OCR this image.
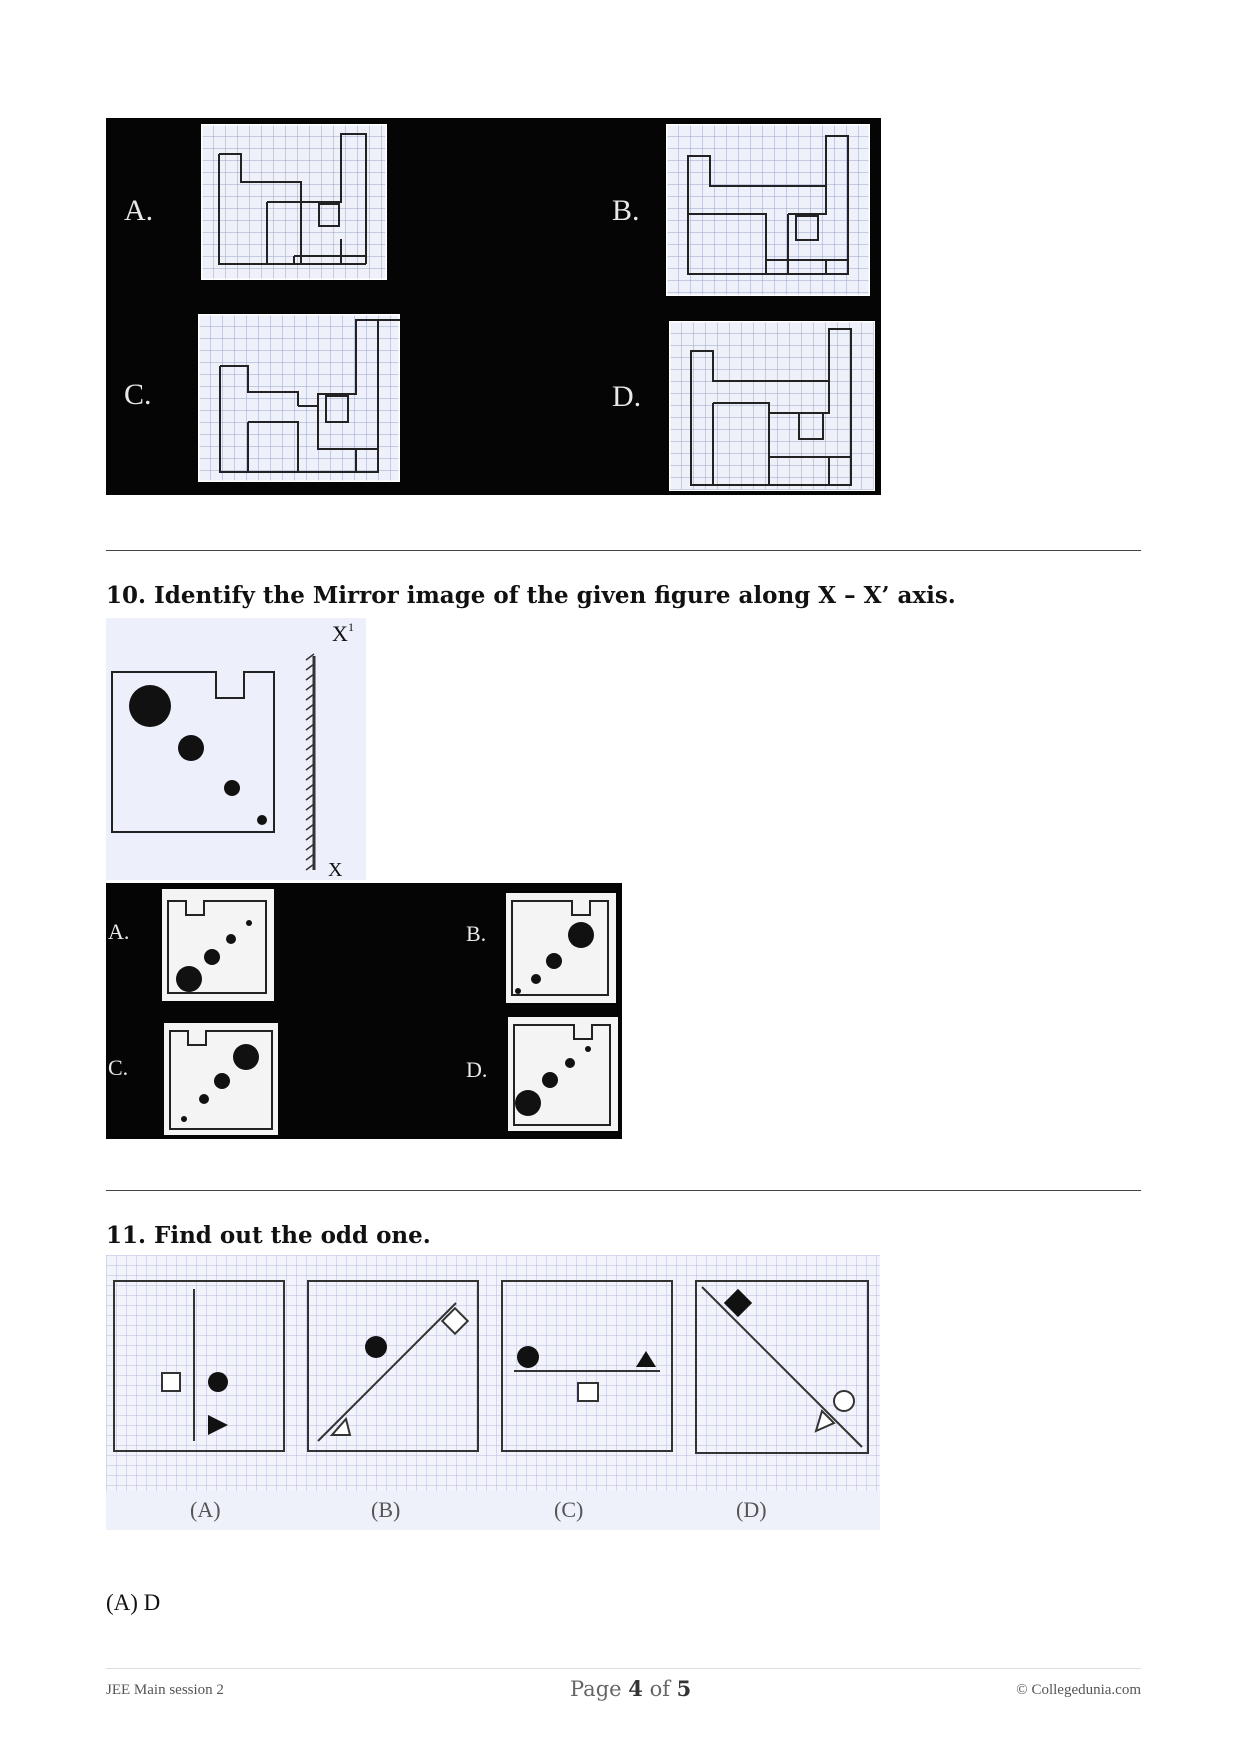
A.	B.
C.	D.
10. Identify the Mirror image of the given figure along X – X’ axis.
X 1
X
A.	B.
C.	D.
11. Find out the odd one.
(A)	(B)	(C)	(D)
(A) D
JEE Main session 2	Page 4 of 5	© Collegedunia.com
